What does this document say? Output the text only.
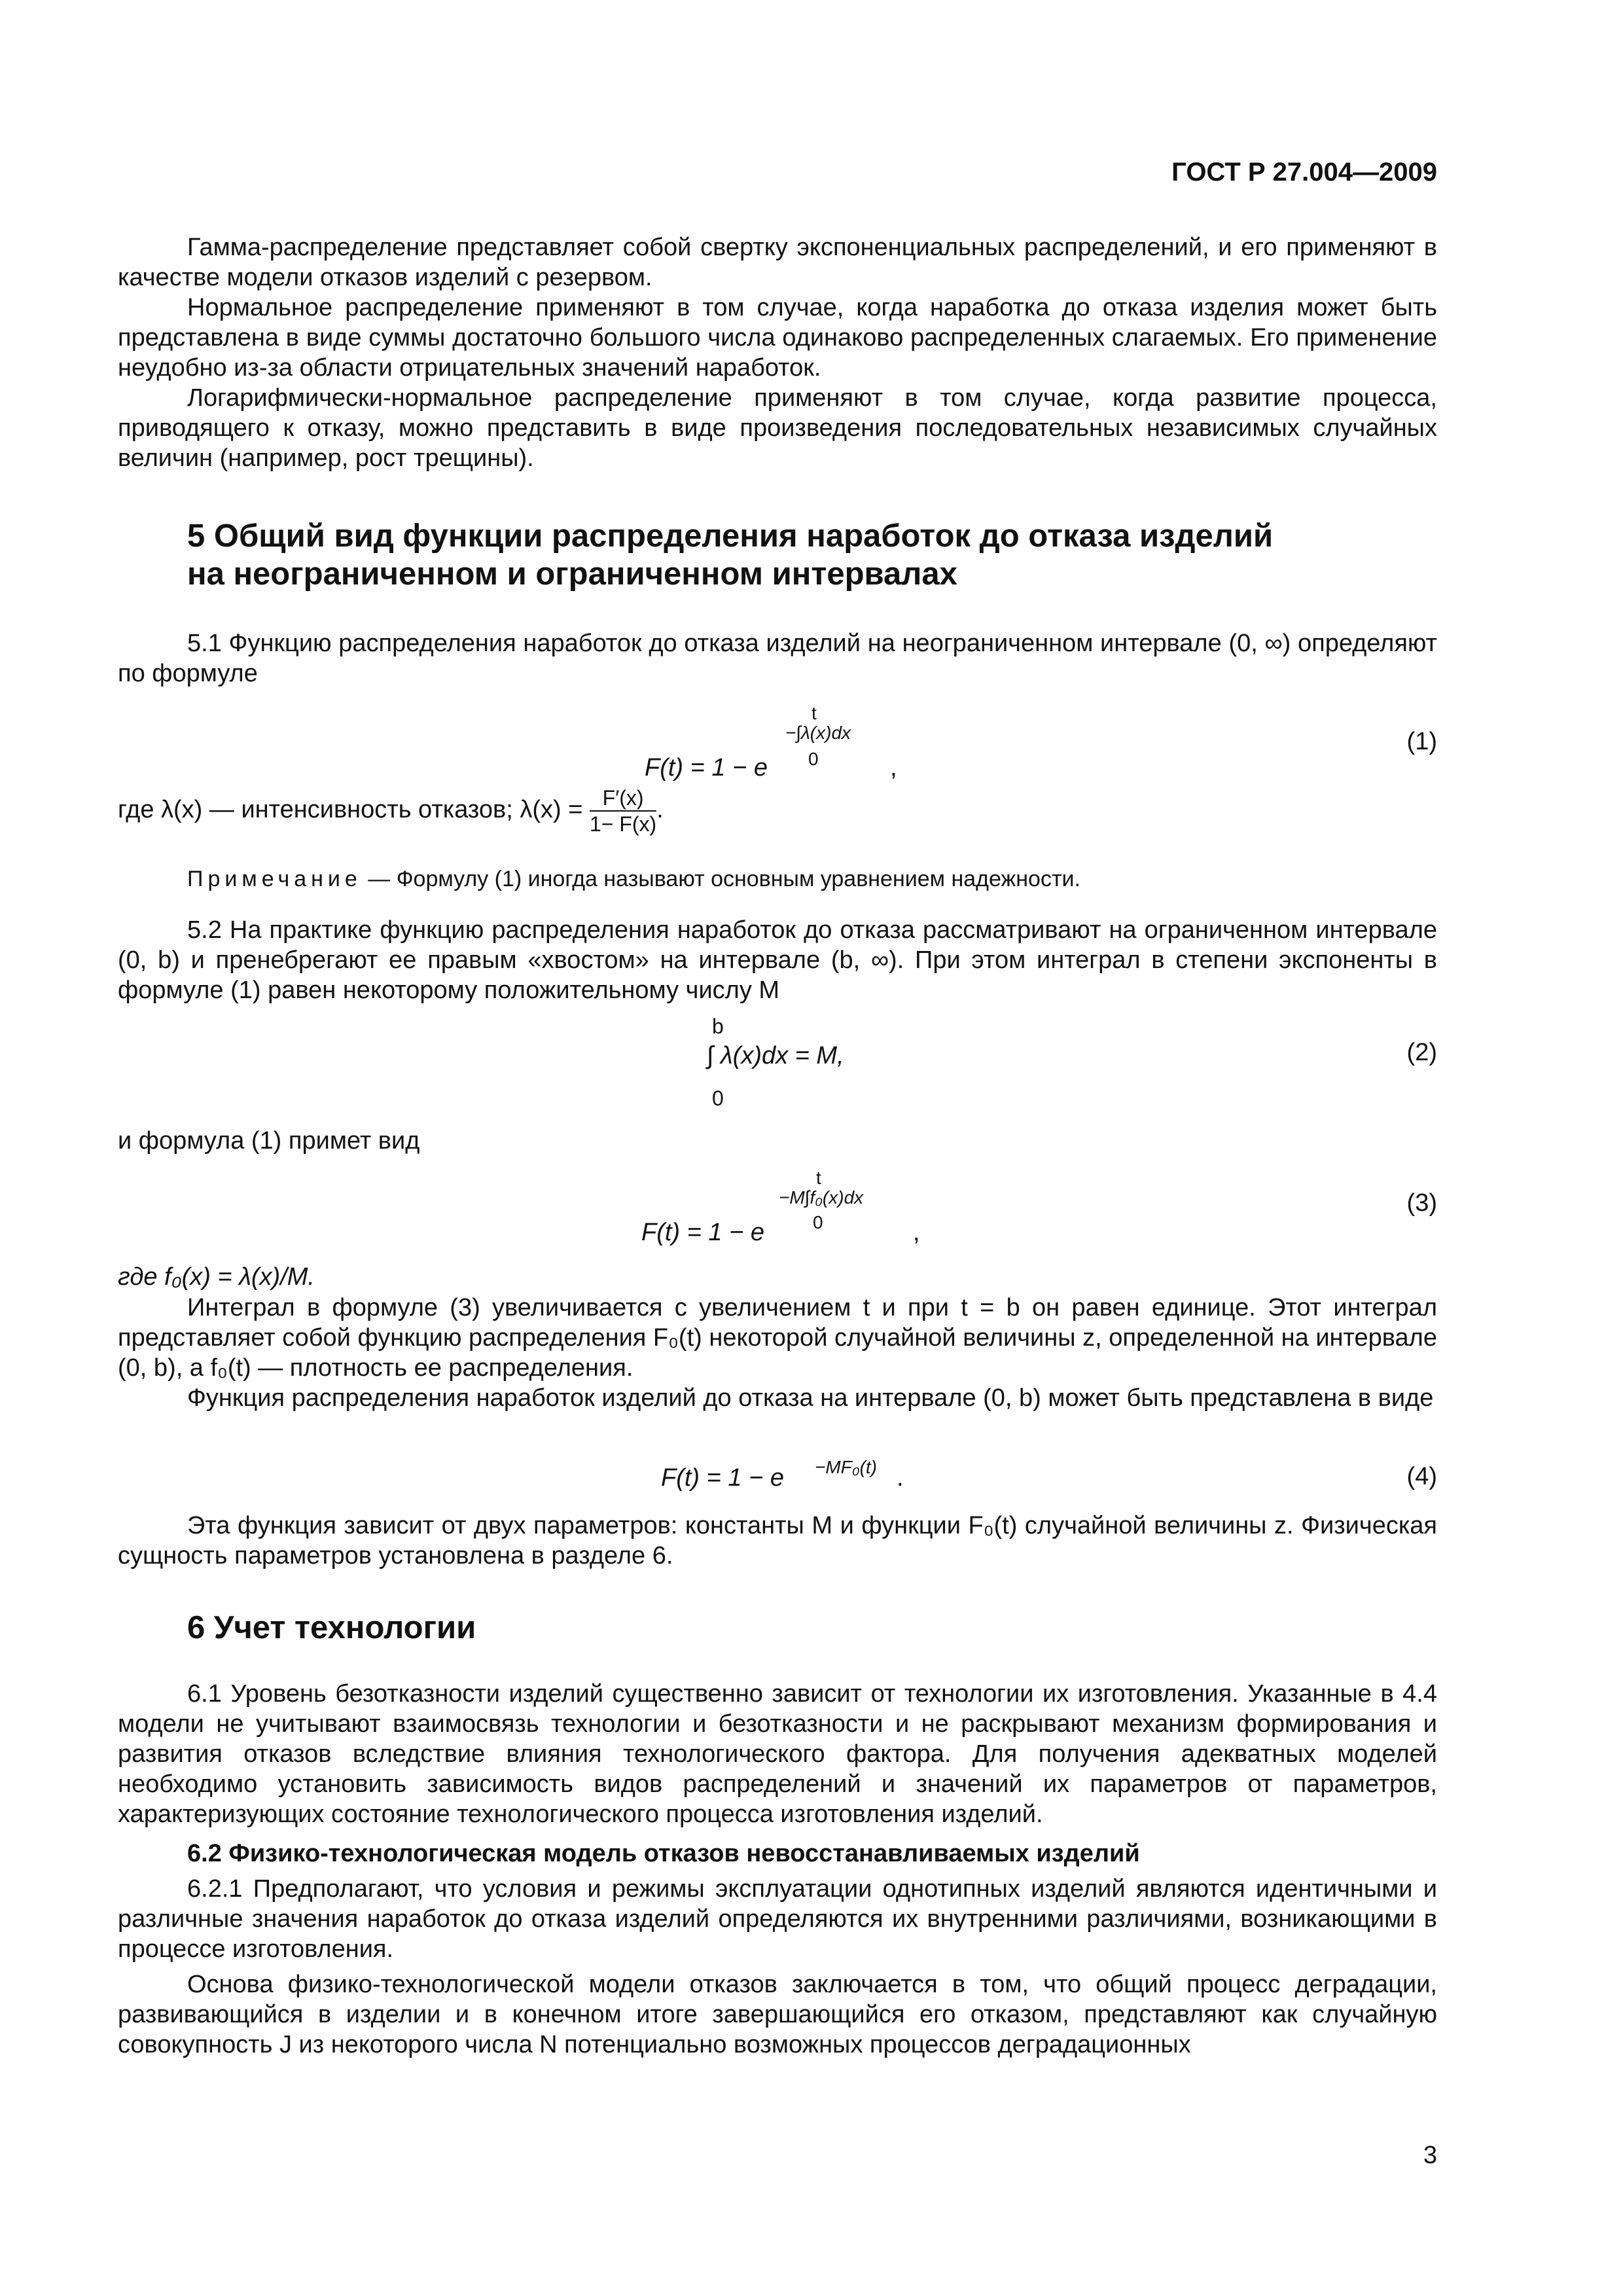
ГОСТ Р 27.004—2009

Гамма-распределение представляет собой свертку экспоненциальных распределений, и его применяют в качестве модели отказов изделий с резервом.

Нормальное распределение применяют в том случае, когда наработка до отказа изделия может быть представлена в виде суммы достаточно большого числа одинаково распределенных слагаемых. Его применение неудобно из-за области отрицательных значений наработок.

Логарифмически-нормальное распределение применяют в том случае, когда развитие процесса, приводящего к отказу, можно представить в виде произведения последовательных независимых случайных величин (например, рост трещины).

5 Общий вид функции распределения наработок до отказа изделий
на неограниченном и ограниченном интервалах

5.1 Функцию распределения наработок до отказа изделий на неограниченном интервале (0, ∞) определяют по формуле

F(t) = 1 − e
t
−∫λ(x)dx
0	,
(1)
где λ(x) — интенсивность отказов; $\lambda(x) = \frac{F'(x)}{1- F(x)}$ .

Примечание — Формулу (1) иногда называют основным уравнением надежности.

5.2 На практике функцию распределения наработок до отказа рассматривают на ограниченном интервале (0, b) и пренебрегают ее правым «хвостом» на интервале (b, ∞). При этом интеграл в степени экспоненты в формуле (1) равен некоторому положительному числу M

b
∫ λ(x)dx = M,
0
(2)

и формула (1) примет вид

F(t) = 1 − e
t
−M∫f₀(x)dx
0	,
(3)

где f₀(x) = λ(x)/M.

Интеграл в формуле (3) увеличивается с увеличением t и при t = b он равен единице. Этот интеграл представляет собой функцию распределения F₀(t) некоторой случайной величины z, определенной на интервале (0, b), а f₀(t) — плотность ее распределения.

Функция распределения наработок изделий до отказа на интервале (0, b) может быть представлена в виде

F(t) = 1 − e −MF₀(t) .	(4)

Эта функция зависит от двух параметров: константы M и функции F₀(t) случайной величины z. Физическая сущность параметров установлена в разделе 6.

6 Учет технологии

6.1 Уровень безотказности изделий существенно зависит от технологии их изготовления. Указанные в 4.4 модели не учитывают взаимосвязь технологии и безотказности и не раскрывают механизм формирования и развития отказов вследствие влияния технологического фактора. Для получения адекватных моделей необходимо установить зависимость видов распределений и значений их параметров от параметров, характеризующих состояние технологического процесса изготовления изделий.

6.2 Физико-технологическая модель отказов невосстанавливаемых изделий

6.2.1 Предполагают, что условия и режимы эксплуатации однотипных изделий являются идентичными и различные значения наработок до отказа изделий определяются их внутренними различиями, возникающими в процессе изготовления.

Основа физико-технологической модели отказов заключается в том, что общий процесс деградации, развивающийся в изделии и в конечном итоге завершающийся его отказом, представляют как случайную совокупность J из некоторого числа N потенциально возможных процессов деградационных

3
